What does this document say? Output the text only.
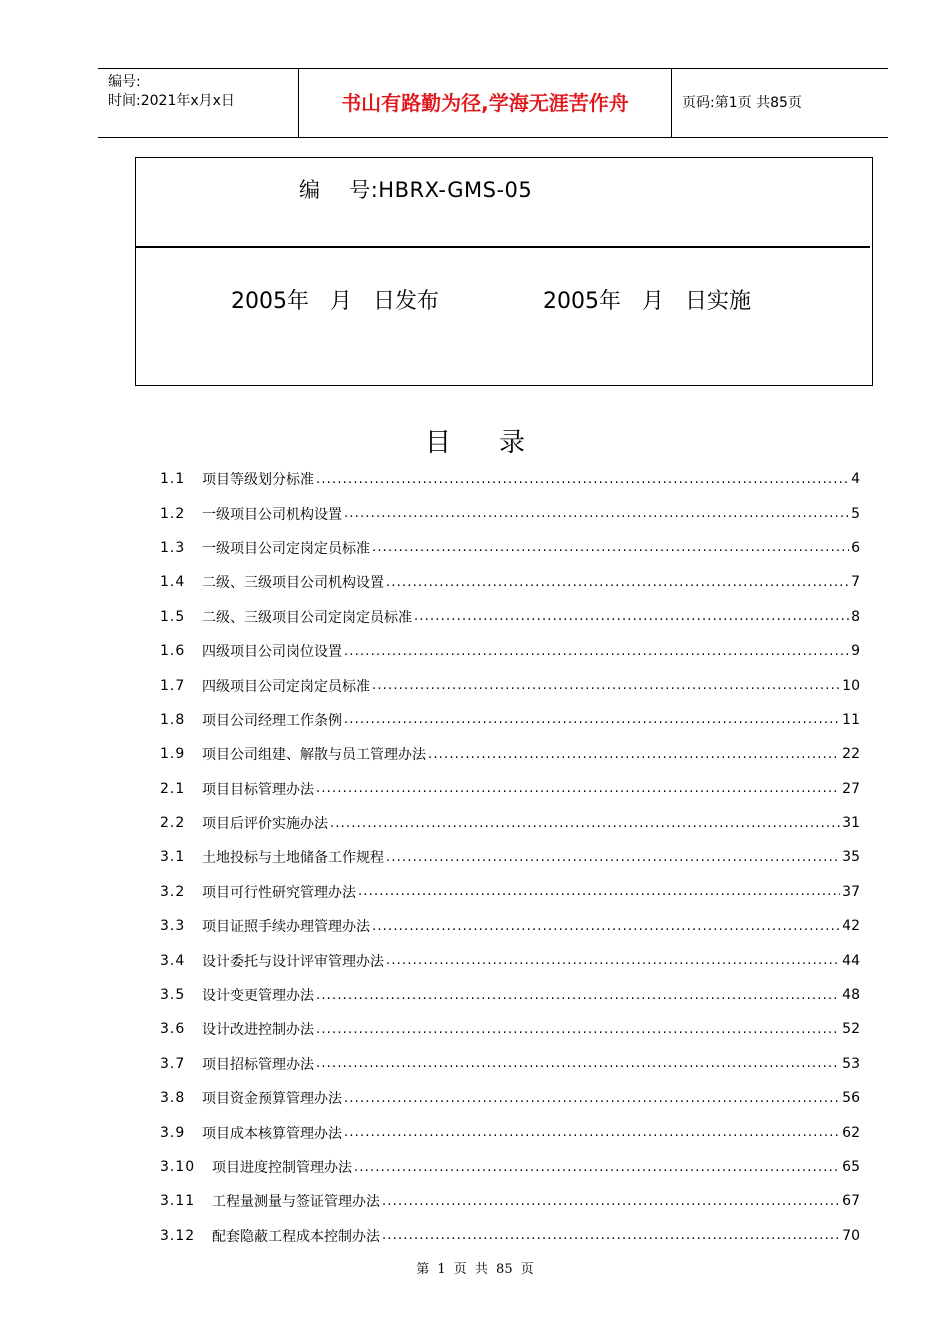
编号:
时间:2021年x月x日	书山有路勤为径,学海无涯苦作舟	页码:第1页 共85页
编    号:HBRX-GMS-05
2005年   月   日发布	2005年   月   日实施
目录
1.1	项目等级划分标准 .....	4
1.2	一级项目公司机构设置 .....	5
1.3	一级项目公司定岗定员标准 .....	6
1.4	二级、三级项目公司机构设置 .....	7
1.5	二级、三级项目公司定岗定员标准 .....	8
1.6	四级项目公司岗位设置 .....	9
1.7	四级项目公司定岗定员标准 .....	10
1.8	项目公司经理工作条例 .....	11
1.9	项目公司组建、解散与员工管理办法 .....	22
2.1	项目目标管理办法 .....	27
2.2	项目后评价实施办法 .....	31
3.1	土地投标与土地储备工作规程 .....	35
3.2	项目可行性研究管理办法 .....	37
3.3	项目证照手续办理管理办法 .....	42
3.4	设计委托与设计评审管理办法 .....	44
3.5	设计变更管理办法 .....	48
3.6	设计改进控制办法 .....	52
3.7	项目招标管理办法 .....	53
3.8	项目资金预算管理办法 .....	56
3.9	项目成本核算管理办法 .....	62
3.10	项目进度控制管理办法 .....	65
3.11	工程量测量与签证管理办法 .....	67
3.12	配套隐蔽工程成本控制办法 .....	70
第 1 页 共 85 页
